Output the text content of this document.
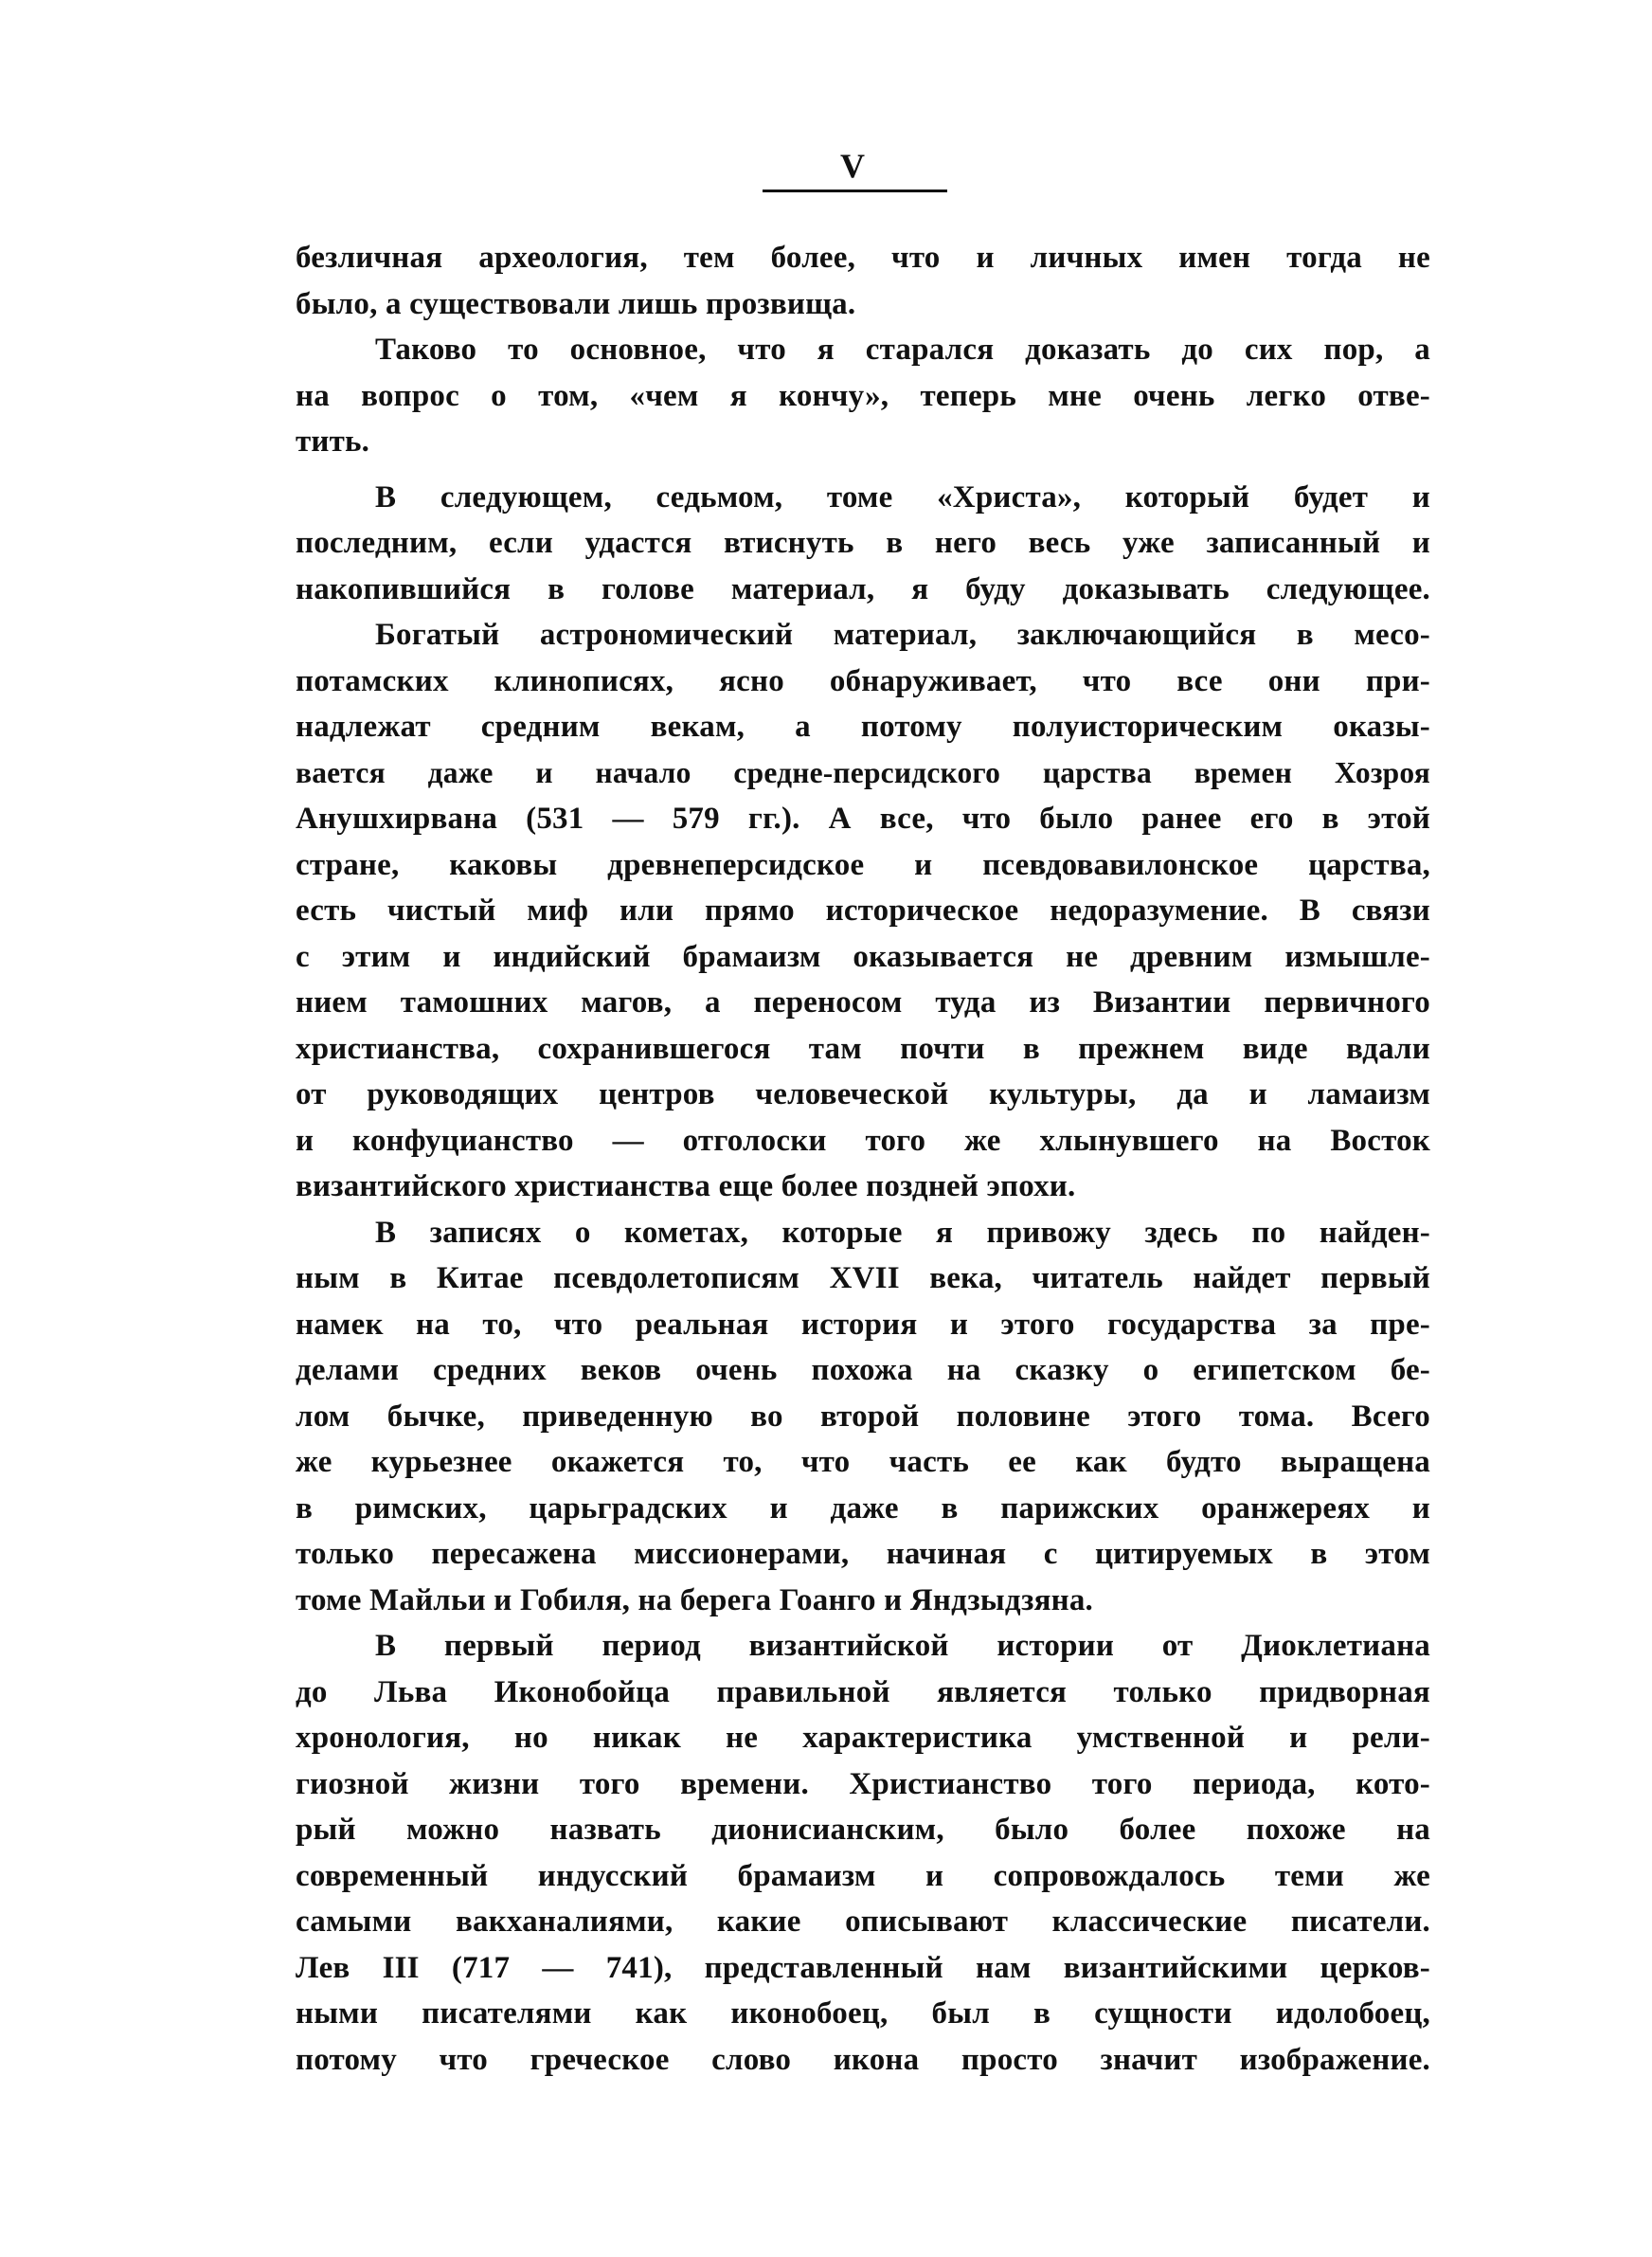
V
безличная археология, тем более, что и личных имен тогда не
было, а существовали лишь прозвища.
Таково то основное, что я старался доказать до сих пор, а
на вопрос о том, «чем я кончу», теперь мне очень легко отве-
тить.
В следующем, седьмом, томе «Христа», который будет и
последним, если удастся втиснуть в него весь уже записанный и
накопившийся в голове материал, я буду доказывать следующее.
Богатый астрономический материал, заключающийся в месо-
потамских клинописях, ясно обнаруживает, что все они при-
надлежат средним векам, а потому полуисторическим оказы-
вается даже и начало средне-персидского царства времен Хозроя
Анушхирвана (531 — 579 гг.). А все, что было ранее его в этой
стране, каковы древнеперсидское и псевдовавилонское царства,
есть чистый миф или прямо историческое недоразумение. В связи
с этим и индийский брамаизм оказывается не древним измышле-
нием тамошних магов, а переносом туда из Византии первичного
христианства, сохранившегося там почти в прежнем виде вдали
от руководящих центров человеческой культуры, да и ламаизм
и конфуцианство — отголоски того же хлынувшего на Восток
византийского христианства еще более поздней эпохи.
В записях о кометах, которые я привожу здесь по найден-
ным в Китае псевдолетописям XVII века, читатель найдет первый
намек на то, что реальная история и этого государства за пре-
делами средних веков очень похожа на сказку о египетском бе-
лом бычке, приведенную во второй половине этого тома. Всего
же курьезнее окажется то, что часть ее как будто выращена
в римских, царьградских и даже в парижских оранжереях и
только пересажена миссионерами, начиная с цитируемых в этом
томе Майльи и Гобиля, на берега Гоанго и Яндзыдзяна.
В первый период византийской истории от Диоклетиана
до Льва Иконобойца правильной является только придворная
хронология, но никак не характеристика умственной и рели-
гиозной жизни того времени. Христианство того периода, кото-
рый можно назвать дионисианским, было более похоже на
современный индусский брамаизм и сопровождалось теми же
самыми вакханалиями, какие описывают классические писатели.
Лев III (717 — 741), представленный нам византийскими церков-
ными писателями как иконобоец, был в сущности идолобоец,
потому что греческое слово икона просто значит изображение.
